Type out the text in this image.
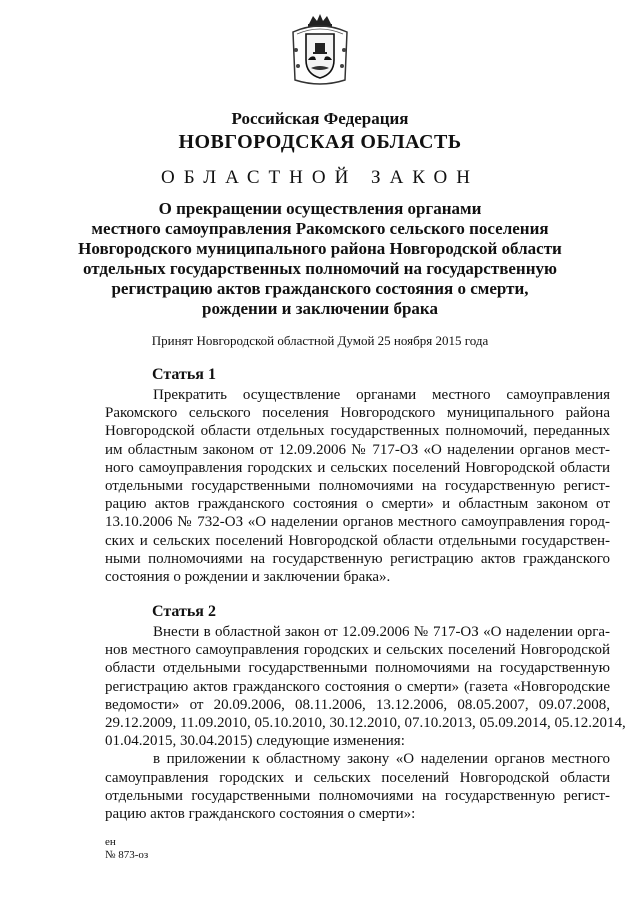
Российская Федерация
НОВГОРОДСКАЯ ОБЛАСТЬ
ОБЛАСТНОЙ ЗАКОН
О прекращении осуществления органами
местного самоуправления Ракомского сельского поселения
Новгородского муниципального района Новгородской области
отдельных государственных полномочий на государственную
регистрацию актов гражданского состояния о смерти,
рождении и заключении брака
Принят Новгородской областной Думой 25 ноября 2015 года
Статья 1
Прекратить осуществление органами местного самоуправления
Ракомского сельского поселения Новгородского муниципального района
Новгородской области отдельных государственных полномочий, переданных
им областным законом от 12.09.2006 № 717-ОЗ «О наделении органов мест-
ного самоуправления городских и сельских поселений Новгородской области
отдельными государственными полномочиями на государственную регист-
рацию актов гражданского состояния о смерти» и областным законом от
13.10.2006 № 732-ОЗ «О наделении органов местного самоуправления город-
ских и сельских поселений Новгородской области отдельными государствен-
ными полномочиями на государственную регистрацию актов гражданского
состояния о рождении и заключении брака».
Статья 2
Внести в областной закон от 12.09.2006 № 717-ОЗ «О наделении орга-
нов местного самоуправления городских и сельских поселений Новгородской
области отдельными государственными полномочиями на государственную
регистрацию актов гражданского состояния о смерти» (газета «Новгородские
ведомости» от 20.09.2006, 08.11.2006, 13.12.2006, 08.05.2007, 09.07.2008,
29.12.2009, 11.09.2010, 05.10.2010, 30.12.2010, 07.10.2013, 05.09.2014, 05.12.2014,
01.04.2015, 30.04.2015) следующие изменения:
в приложении к областному закону «О наделении органов местного
самоуправления городских и сельских поселений Новгородской области
отдельными государственными полномочиями на государственную регист-
рацию актов гражданского состояния о смерти»:
ен
№ 873-оз
